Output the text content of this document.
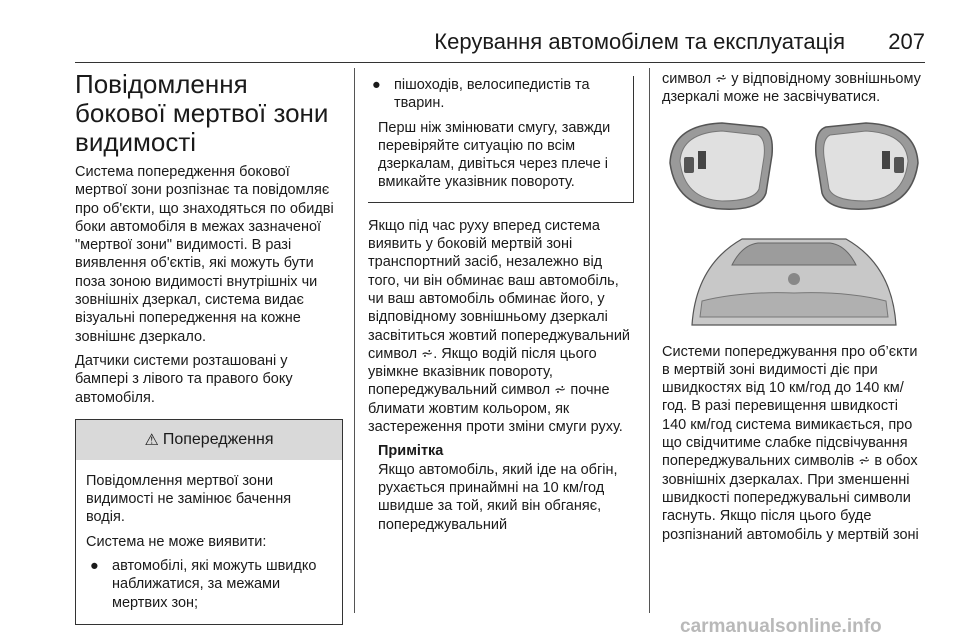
Керування автомобілем та експлуатація 207
Повідомлення бокової мертвої зони видимості

Система попередження бокової мертвої зони розпізнає та повідомляє про об'єкти, що знаходяться по обидві боки автомобіля в межах зазначеної "мертвої зони" видимості. В разі виявлення об'єктів, які можуть бути поза зоною видимості внутрішніх чи зовнішніх дзеркал, система видає візуальні попередження на кожне зовнішнє дзеркало.

Датчики системи розташовані у бампері з лівого та правого боку автомобіля.

⚠ Попередження

Повідомлення мертвої зони видимості не замінює бачення водія.

Система не може виявити:

● автомобілі, які можуть швидко наближатися, за межами мертвих зон;
● пішоходів, велосипедистів та тварин.

Перш ніж змінювати смугу, завжди перевіряйте ситуацію по всім дзеркалам, дивіться через плече і вмикайте указівник повороту.

Якщо під час руху вперед система виявить у боковій мертвій зоні транспортний засіб, незалежно від того, чи він обминає ваш автомобіль, чи ваш автомобіль обминає його, у відповідному зовнішньому дзеркалі засвітиться жовтий попереджувальний символ ⩫. Якщо водій після цього увімкне вказівник повороту, попереджувальний символ ⩫ почне блимати жовтим кольором, як застереження проти зміни смуги руху.

Примітка

Якщо автомобіль, який іде на обгін, рухається принаймні на 10 км/год швидше за той, який він обганяє, попереджувальний

символ ⩫ у відповідному зовнішньому дзеркалі може не засвічуватися.

Системи попереджування про об’єкти в мертвій зоні видимості діє при швидкостях від 10 км/год до 140 км/год. В разі перевищення швидкості 140 км/год система вимикається, про що свідчитиме слабке підсвічування попереджувальних символів ⩫ в обох зовнішніх дзеркалах. При зменшенні швидкості попереджувальні символи гаснуть. Якщо після цього буде розпізнаний автомобіль у мертвій зоні

carmanualsonline.info
